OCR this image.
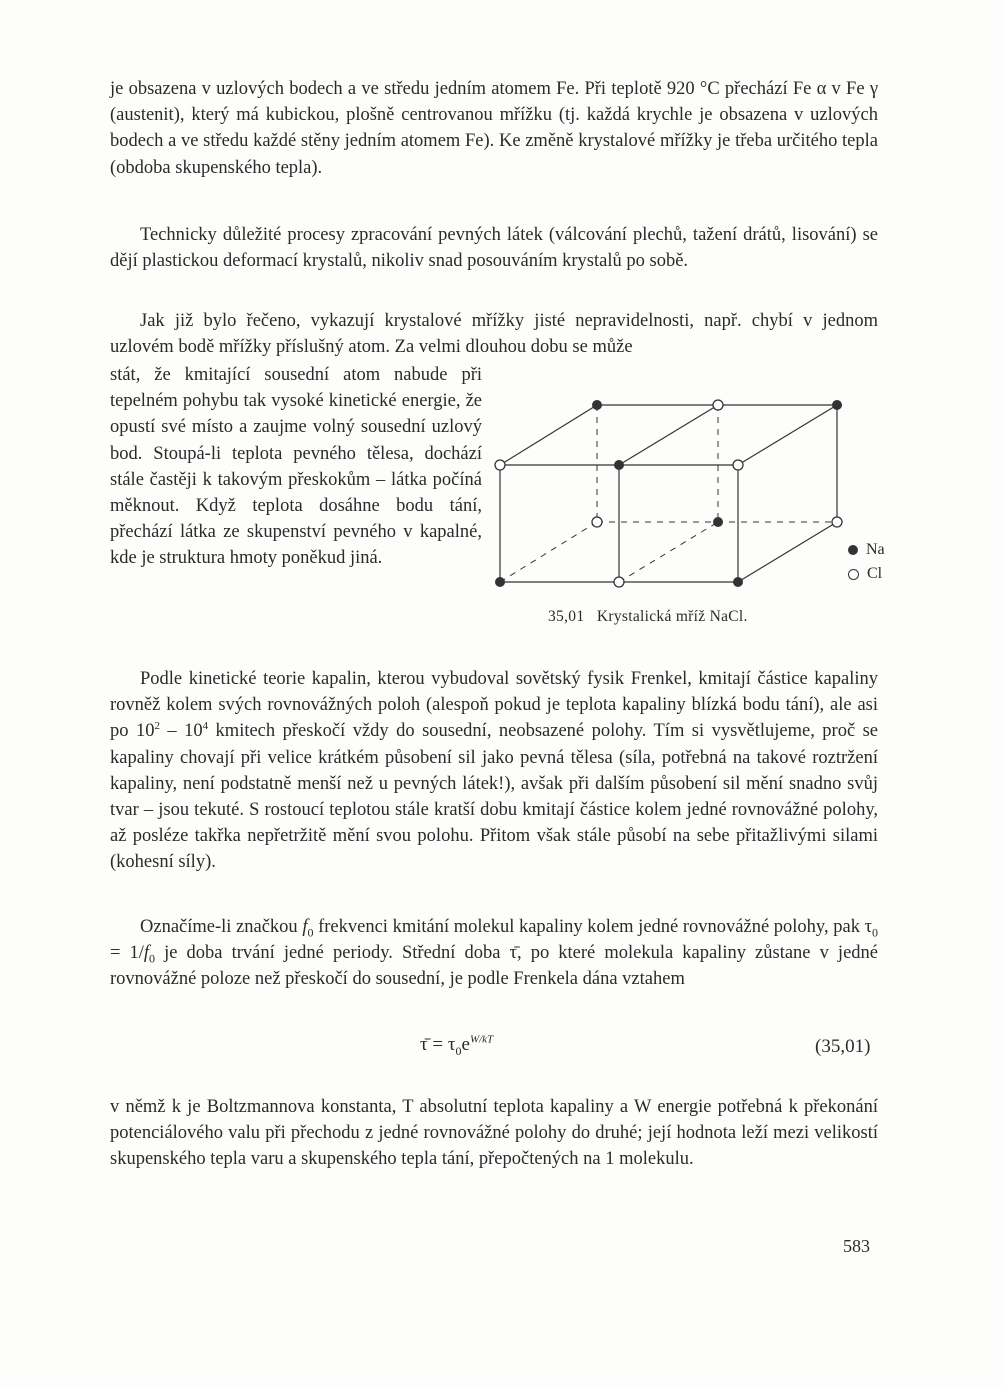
je obsazena v uzlových bodech a ve středu jedním atomem Fe. Při teplotě 920 °C přechází Fe α v Fe γ (austenit), který má kubickou, plošně centrovanou mřížku (tj. každá krychle je obsazena v uzlových bodech a ve středu každé stěny jedním atomem Fe). Ke změně krystalové mřížky je třeba určitého tepla (obdoba skupenského tepla).

Technicky důležité procesy zpracování pevných látek (válcování plechů, tažení drátů, lisování) se dějí plastickou deformací krystalů, nikoliv snad posouváním krystalů po sobě.

Jak již bylo řečeno, vykazují krystalové mřížky jisté nepravidelnosti, např. chybí v jednom uzlovém bodě mřížky příslušný atom. Za velmi dlouhou dobu se může

stát, že kmitající sousední atom nabude při tepelném pohybu tak vysoké kinetické energie, že opustí své místo a zaujme volný sousední uzlový bod. Stoupá-li teplota pevného tělesa, dochází stále častěji k takovým přeskokům – látka počíná měknout. Když teplota dosáhne bodu tání, přechází látka ze skupenství pevného v kapalné, kde je struktura hmoty poněkud jiná.	Na
Cl
35,01   Krystalická mříž NaCl.

Podle kinetické teorie kapalin, kterou vybudoval sovětský fysik Frenkel, kmitají částice kapaliny rovněž kolem svých rovnovážných poloh (alespoň pokud je teplota kapaliny blízká bodu tání), ale asi po $10^2 - 10^4$ kmitech přeskočí vždy do sousední, neobsazené polohy. Tím si vysvětlujeme, proč se kapaliny chovají při velice krátkém působení sil jako pevná tělesa (síla, potřebná na takové roztržení kapaliny, není podstatně menší než u pevných látek!), avšak při dalším působení sil mění snadno svůj tvar – jsou tekuté. S rostoucí teplotou stále kratší dobu kmitají částice kolem jedné rovnovážné polohy, až posléze takřka nepřetržitě mění svou polohu. Přitom však stále působí na sebe přitažlivými silami (kohesní síly).

Označíme-li značkou $f_0$ frekvenci kmitání molekul kapaliny kolem jedné rovnovážné polohy, pak $\tau_0 = 1/f_0$ je doba trvání jedné periody. Střední doba τ̄, po které molekula kapaliny zůstane v jedné rovnovážné poloze než přeskočí do sousední, je podle Frenkela dána vztahem

τ̄ = $\tau_0e^{W/kT}$	(35,01)

v němž k je Boltzmannova konstanta, T absolutní teplota kapaliny a W energie potřebná k překonání potenciálového valu při přechodu z jedné rovnovážné polohy do druhé; její hodnota leží mezi velikostí skupenského tepla varu a skupenského tepla tání, přepočtených na 1 molekulu.

583
